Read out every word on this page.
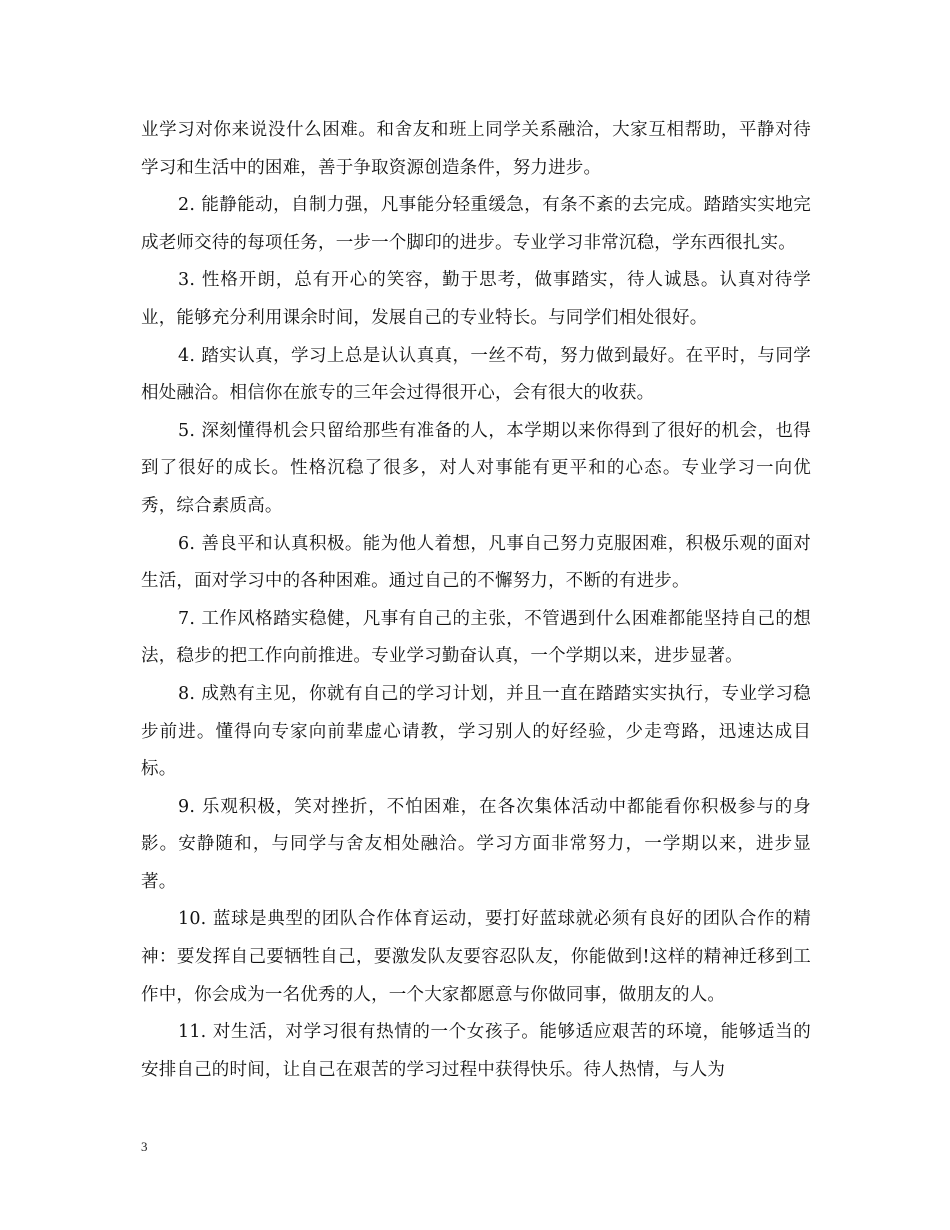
业学习对你来说没什么困难。和舍友和班上同学关系融洽，大家互相帮助，平静对待学习和生活中的困难，善于争取资源创造条件，努力进步。

2. 能静能动，自制力强，凡事能分轻重缓急，有条不紊的去完成。踏踏实实地完成老师交待的每项任务，一步一个脚印的进步。专业学习非常沉稳，学东西很扎实。

3. 性格开朗，总有开心的笑容，勤于思考，做事踏实，待人诚恳。认真对待学业，能够充分利用课余时间，发展自己的专业特长。与同学们相处很好。

4. 踏实认真，学习上总是认认真真，一丝不苟，努力做到最好。在平时，与同学相处融洽。相信你在旅专的三年会过得很开心，会有很大的收获。

5. 深刻懂得机会只留给那些有准备的人，本学期以来你得到了很好的机会，也得到了很好的成长。性格沉稳了很多，对人对事能有更平和的心态。专业学习一向优秀，综合素质高。

6. 善良平和认真积极。能为他人着想，凡事自己努力克服困难，积极乐观的面对生活，面对学习中的各种困难。通过自己的不懈努力，不断的有进步。

7. 工作风格踏实稳健，凡事有自己的主张，不管遇到什么困难都能坚持自己的想法，稳步的把工作向前推进。专业学习勤奋认真，一个学期以来，进步显著。

8. 成熟有主见，你就有自己的学习计划，并且一直在踏踏实实执行，专业学习稳步前进。懂得向专家向前辈虚心请教，学习别人的好经验，少走弯路，迅速达成目标。

9. 乐观积极，笑对挫折，不怕困难，在各次集体活动中都能看你积极参与的身影。安静随和，与同学与舍友相处融洽。学习方面非常努力，一学期以来，进步显著。

10. 蓝球是典型的团队合作体育运动，要打好蓝球就必须有良好的团队合作的精神：要发挥自己要牺牲自己，要激发队友要容忍队友，你能做到!这样的精神迁移到工作中，你会成为一名优秀的人，一个大家都愿意与你做同事，做朋友的人。

11. 对生活，对学习很有热情的一个女孩子。能够适应艰苦的环境，能够适当的安排自己的时间，让自己在艰苦的学习过程中获得快乐。待人热情，与人为

3
